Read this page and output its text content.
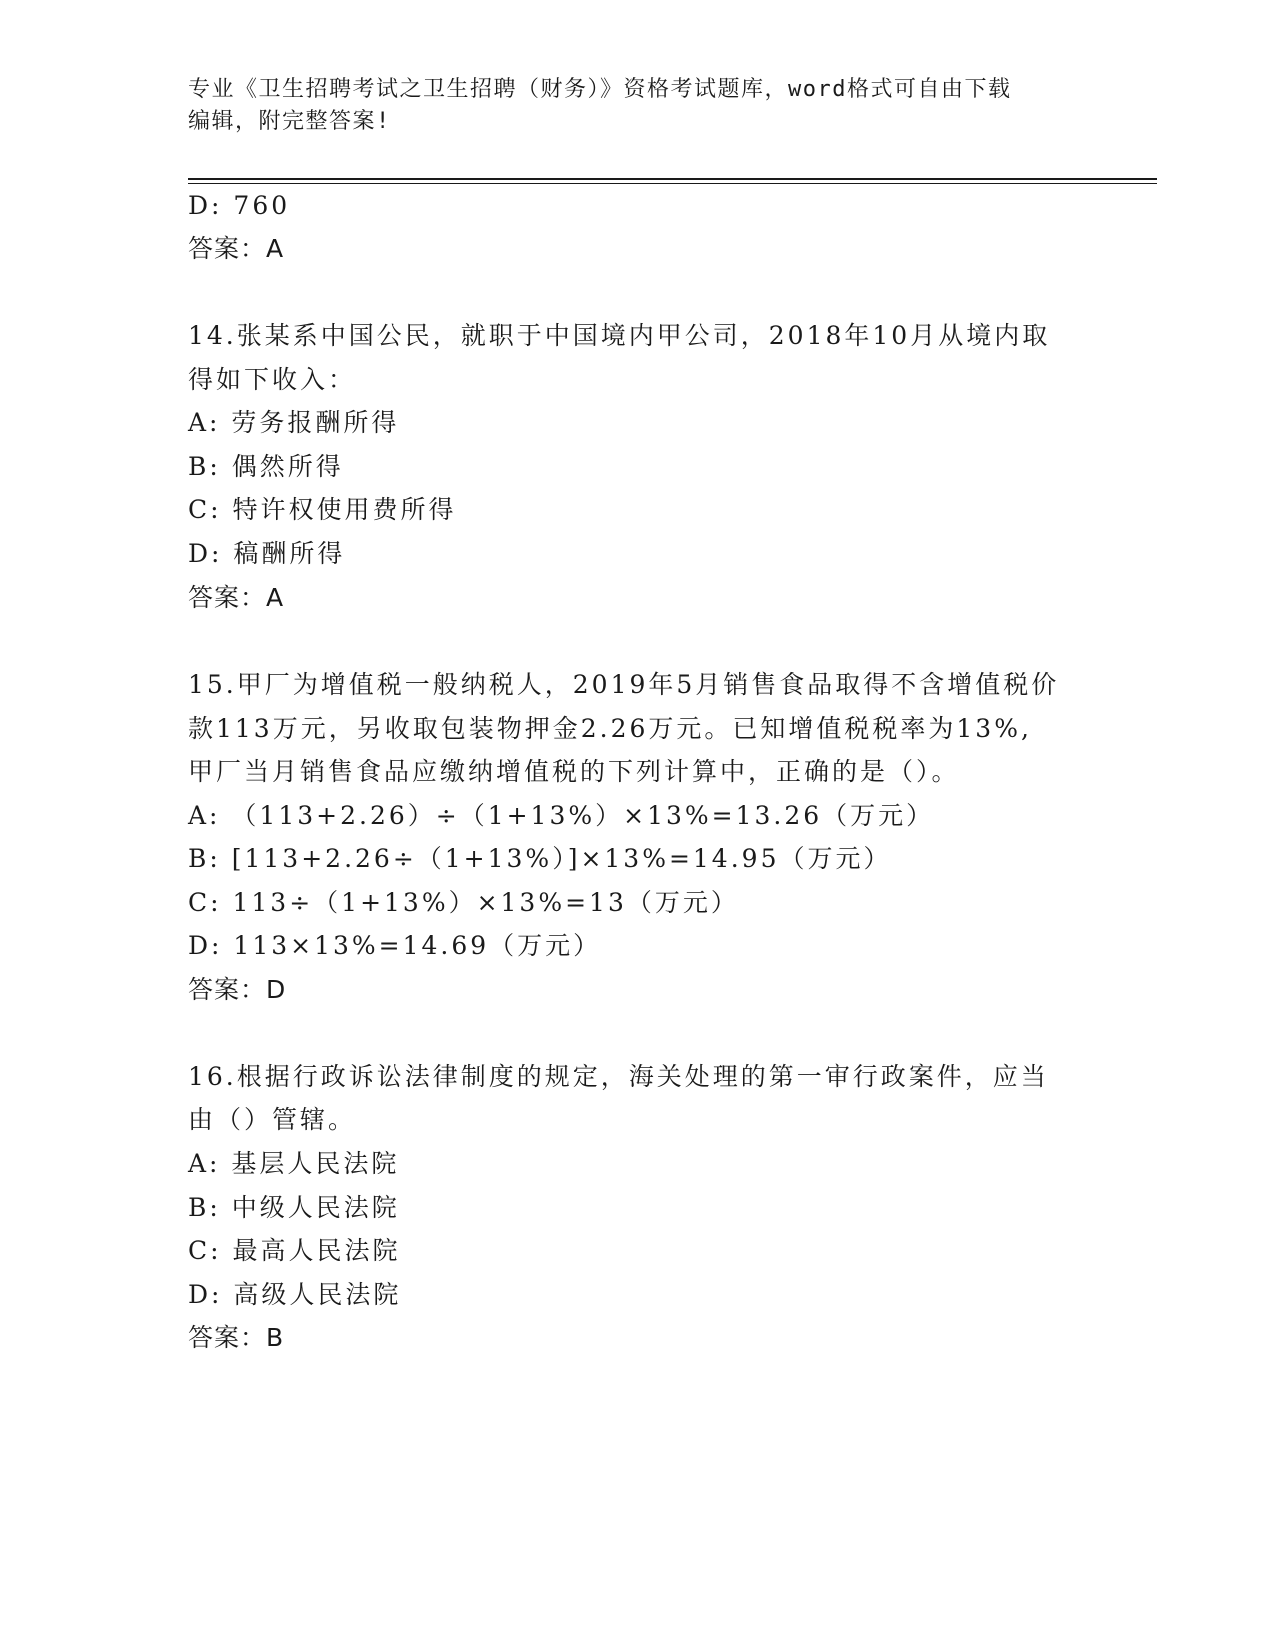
专业《卫生招聘考试之卫生招聘（财务）》资格考试题库，word格式可自由下载
编辑，附完整答案!
D: 760
答案：A
14.张某系中国公民，就职于中国境内甲公司，2018年10月从境内取
得如下收入：
A: 劳务报酬所得
B: 偶然所得
C: 特许权使用费所得
D: 稿酬所得
答案：A
15.甲厂为增值税一般纳税人，2019年5月销售食品取得不含增值税价
款113万元，另收取包装物押金2.26万元。已知增值税税率为13%,
甲厂当月销售食品应缴纳增值税的下列计算中，正确的是（）。
A: （113+2.26）÷（1+13%）×13%=13.26（万元）
B: [113+2.26÷（1+13%）]×13%=14.95（万元）
C: 113÷（1+13%）×13%=13（万元）
D: 113×13%=14.69（万元）
答案：D
16.根据行政诉讼法律制度的规定，海关处理的第一审行政案件，应当
由（）管辖。
A: 基层人民法院
B: 中级人民法院
C: 最高人民法院
D: 高级人民法院
答案：B
